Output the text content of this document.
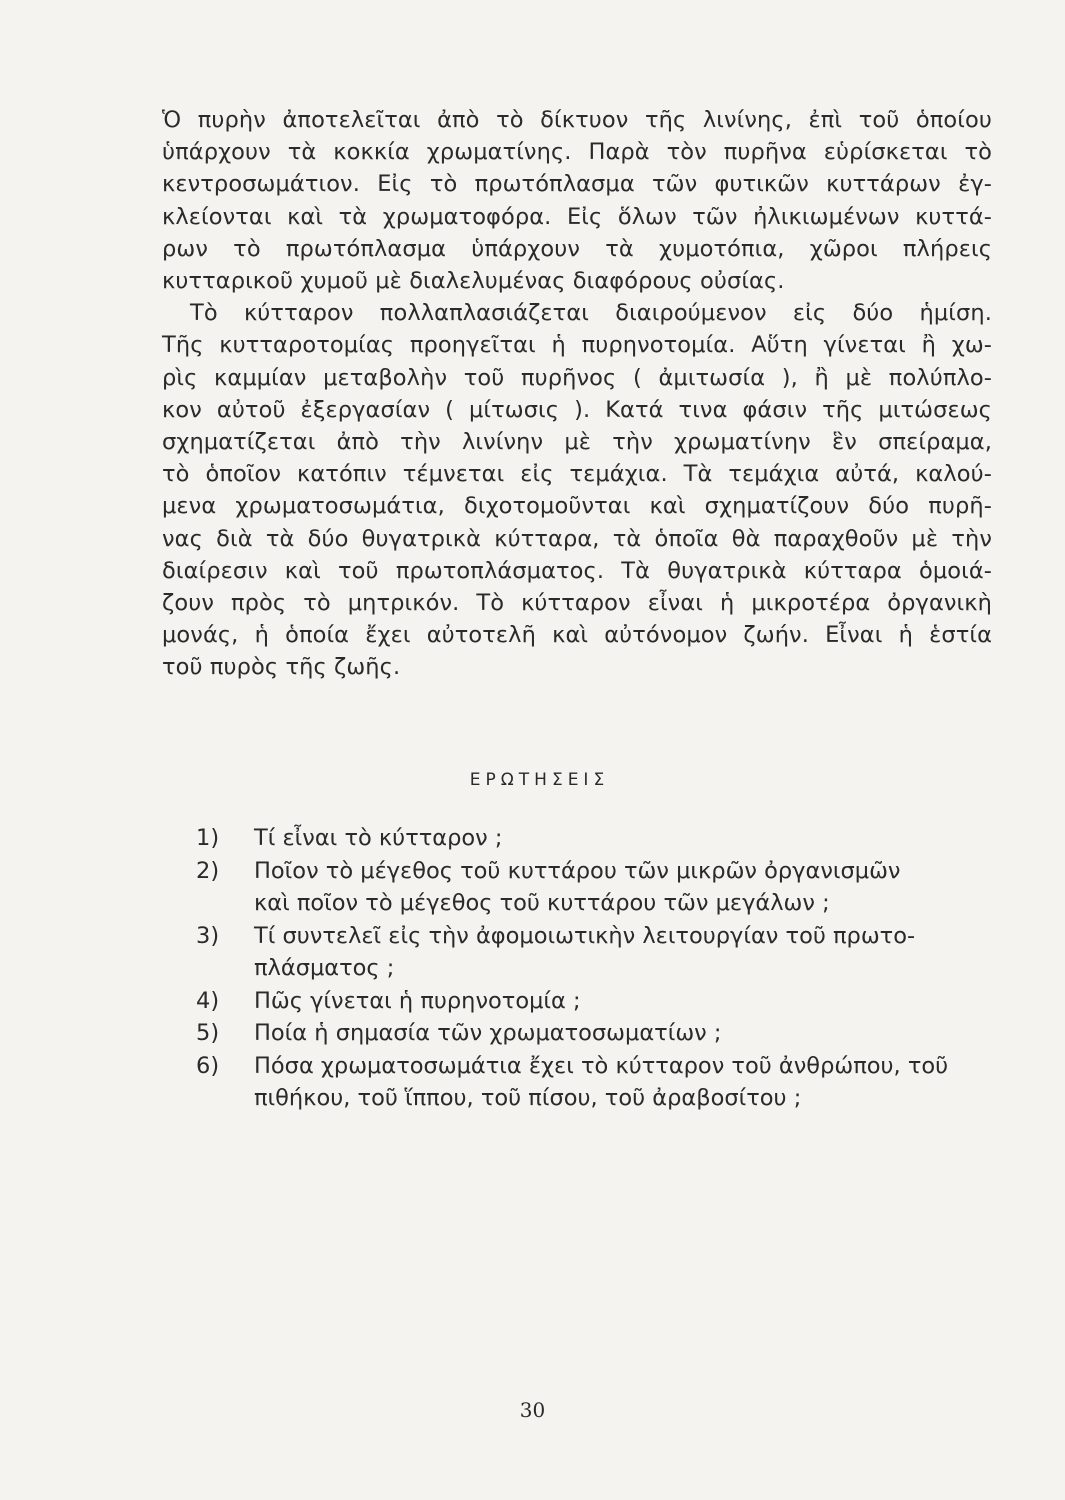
Ὁ πυρὴν ἀποτελεῖται ἀπὸ τὸ δίκτυον τῆς λινίνης, ἐπὶ τοῦ ὁποίου
ὑπάρχουν τὰ κοκκία χρωματίνης. Παρὰ τὸν πυρῆνα εὑρίσκεται τὸ
κεντροσωμάτιον. Εἰς τὸ πρωτόπλασμα τῶν φυτικῶν κυττάρων ἐγ-
κλείονται καὶ τὰ χρωματοφόρα. Εἰς ὅλων τῶν ἠλικιωμένων κυττά-
ρων τὸ πρωτόπλασμα ὑπάρχουν τὰ χυμοτόπια, χῶροι πλήρεις
κυτταρικοῦ χυμοῦ μὲ διαλελυμένας διαφόρους οὐσίας.
Τὸ κύτταρον πολλαπλασιάζεται διαιρούμενον εἰς δύο ἡμίση.
Τῆς κυτταροτομίας προηγεῖται ἡ πυρηνοτομία. Αὕτη γίνεται ἢ χω-
ρὶς καμμίαν μεταβολὴν τοῦ πυρῆνος ( ἀμιτωσία ), ἢ μὲ πολύπλο-
κον αὐτοῦ ἐξεργασίαν ( μίτωσις ). Κατά τινα φάσιν τῆς μιτώσεως
σχηματίζεται ἀπὸ τὴν λινίνην μὲ τὴν χρωματίνην ἓν σπείραμα,
τὸ ὁποῖον κατόπιν τέμνεται εἰς τεμάχια. Τὰ τεμάχια αὐτά, καλού-
μενα χρωματοσωμάτια, διχοτομοῦνται καὶ σχηματίζουν δύο πυρῆ-
νας διὰ τὰ δύο θυγατρικὰ κύτταρα, τὰ ὁποῖα θὰ παραχθοῦν μὲ τὴν
διαίρεσιν καὶ τοῦ πρωτοπλάσματος. Τὰ θυγατρικὰ κύτταρα ὁμοιά-
ζουν πρὸς τὸ μητρικόν. Τὸ κύτταρον εἶναι ἡ μικροτέρα ὀργανικὴ
μονάς, ἡ ὁποία ἔχει αὐτοτελῆ καὶ αὐτόνομον ζωήν. Εἶναι ἡ ἑστία
τοῦ πυρὸς τῆς ζωῆς.
ΕΡΩΤΗΣΕΙΣ
1)	Τί εἶναι τὸ κύτταρον ;
2)	Ποῖον τὸ μέγεθος τοῦ κυττάρου τῶν μικρῶν ὀργανισμῶν
καὶ ποῖον τὸ μέγεθος τοῦ κυττάρου τῶν μεγάλων ;
3)	Τί συντελεῖ εἰς τὴν ἀφομοιωτικὴν λειτουργίαν τοῦ πρωτο-
πλάσματος ;
4)	Πῶς γίνεται ἡ πυρηνοτομία ;
5)	Ποία ἡ σημασία τῶν χρωματοσωματίων ;
6)	Πόσα χρωματοσωμάτια ἔχει τὸ κύτταρον τοῦ ἀνθρώπου, τοῦ
πιθήκου, τοῦ ἵππου, τοῦ πίσου, τοῦ ἀραβοσίτου ;
30
